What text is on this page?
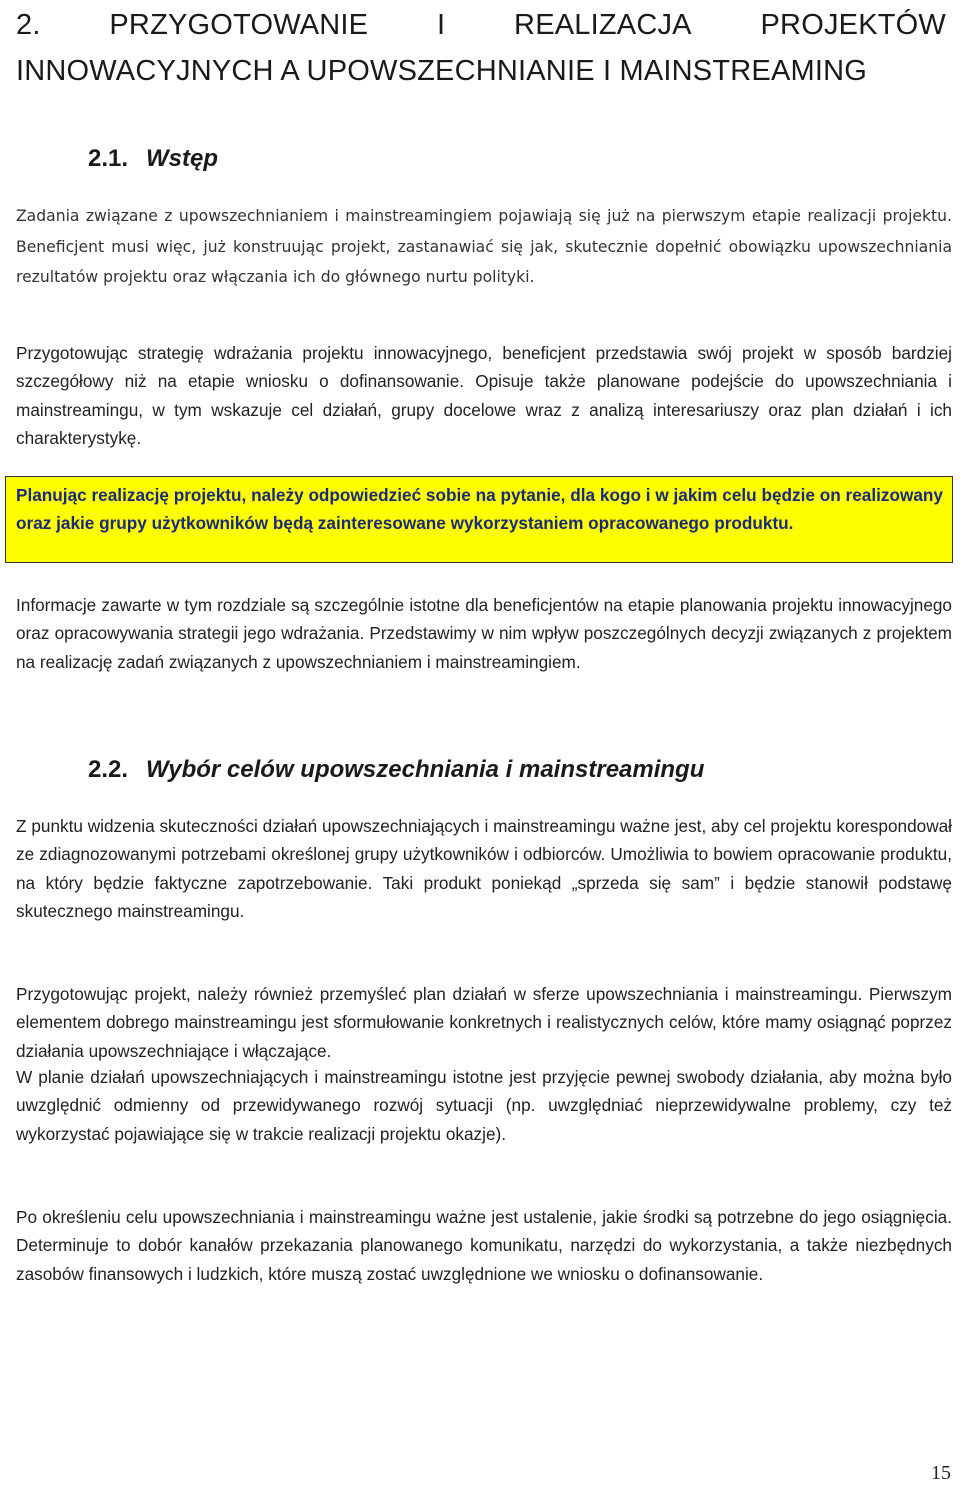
2. PRZYGOTOWANIE I REALIZACJA PROJEKTÓW
INNOWACYJNYCH A UPOWSZECHNIANIE I MAINSTREAMING
2.1. Wstęp

Zadania związane z upowszechnianiem i mainstreamingiem pojawiają się już na pierwszym etapie realizacji projektu. Beneficjent musi więc, już konstruując projekt, zastanawiać się jak, skutecznie dopełnić obowiązku upowszechniania rezultatów projektu oraz włączania ich do głównego nurtu polityki.

Przygotowując strategię wdrażania projektu innowacyjnego, beneficjent przedstawia swój projekt w sposób bardziej szczegółowy niż na etapie wniosku o dofinansowanie. Opisuje także planowane podejście do upowszechniania i mainstreamingu, w tym wskazuje cel działań, grupy docelowe wraz z analizą interesariuszy oraz plan działań i ich charakterystykę.

Planując realizację projektu, należy odpowiedzieć sobie na pytanie, dla kogo i w jakim celu będzie on realizowany oraz jakie grupy użytkowników będą zainteresowane wykorzystaniem opracowanego produktu.

Informacje zawarte w tym rozdziale są szczególnie istotne dla beneficjentów na etapie planowania projektu innowacyjnego oraz opracowywania strategii jego wdrażania. Przedstawimy w nim wpływ poszczególnych decyzji związanych z projektem na realizację zadań związanych z upowszechnianiem i mainstreamingiem.

2.2. Wybór celów upowszechniania i mainstreamingu

Z punktu widzenia skuteczności działań upowszechniających i mainstreamingu ważne jest, aby cel projektu korespondował ze zdiagnozowanymi potrzebami określonej grupy użytkowników i odbiorców. Umożliwia to bowiem opracowanie produktu, na który będzie faktyczne zapotrzebowanie. Taki produkt poniekąd „sprzeda się sam” i będzie stanowił podstawę skutecznego mainstreamingu.

Przygotowując projekt, należy również przemyśleć plan działań w sferze upowszechniania i mainstreamingu. Pierwszym elementem dobrego mainstreamingu jest sformułowanie konkretnych i realistycznych celów, które mamy osiągnąć poprzez działania upowszechniające i włączające.

W planie działań upowszechniających i mainstreamingu istotne jest przyjęcie pewnej swobody działania, aby można było uwzględnić odmienny od przewidywanego rozwój sytuacji (np. uwzględniać nieprzewidywalne problemy, czy też wykorzystać pojawiające się w trakcie realizacji projektu okazje).

Po określeniu celu upowszechniania i mainstreamingu ważne jest ustalenie, jakie środki są potrzebne do jego osiągnięcia. Determinuje to dobór kanałów przekazania planowanego komunikatu, narzędzi do wykorzystania, a także niezbędnych zasobów finansowych i ludzkich, które muszą zostać uwzględnione we wniosku o dofinansowanie.

15
